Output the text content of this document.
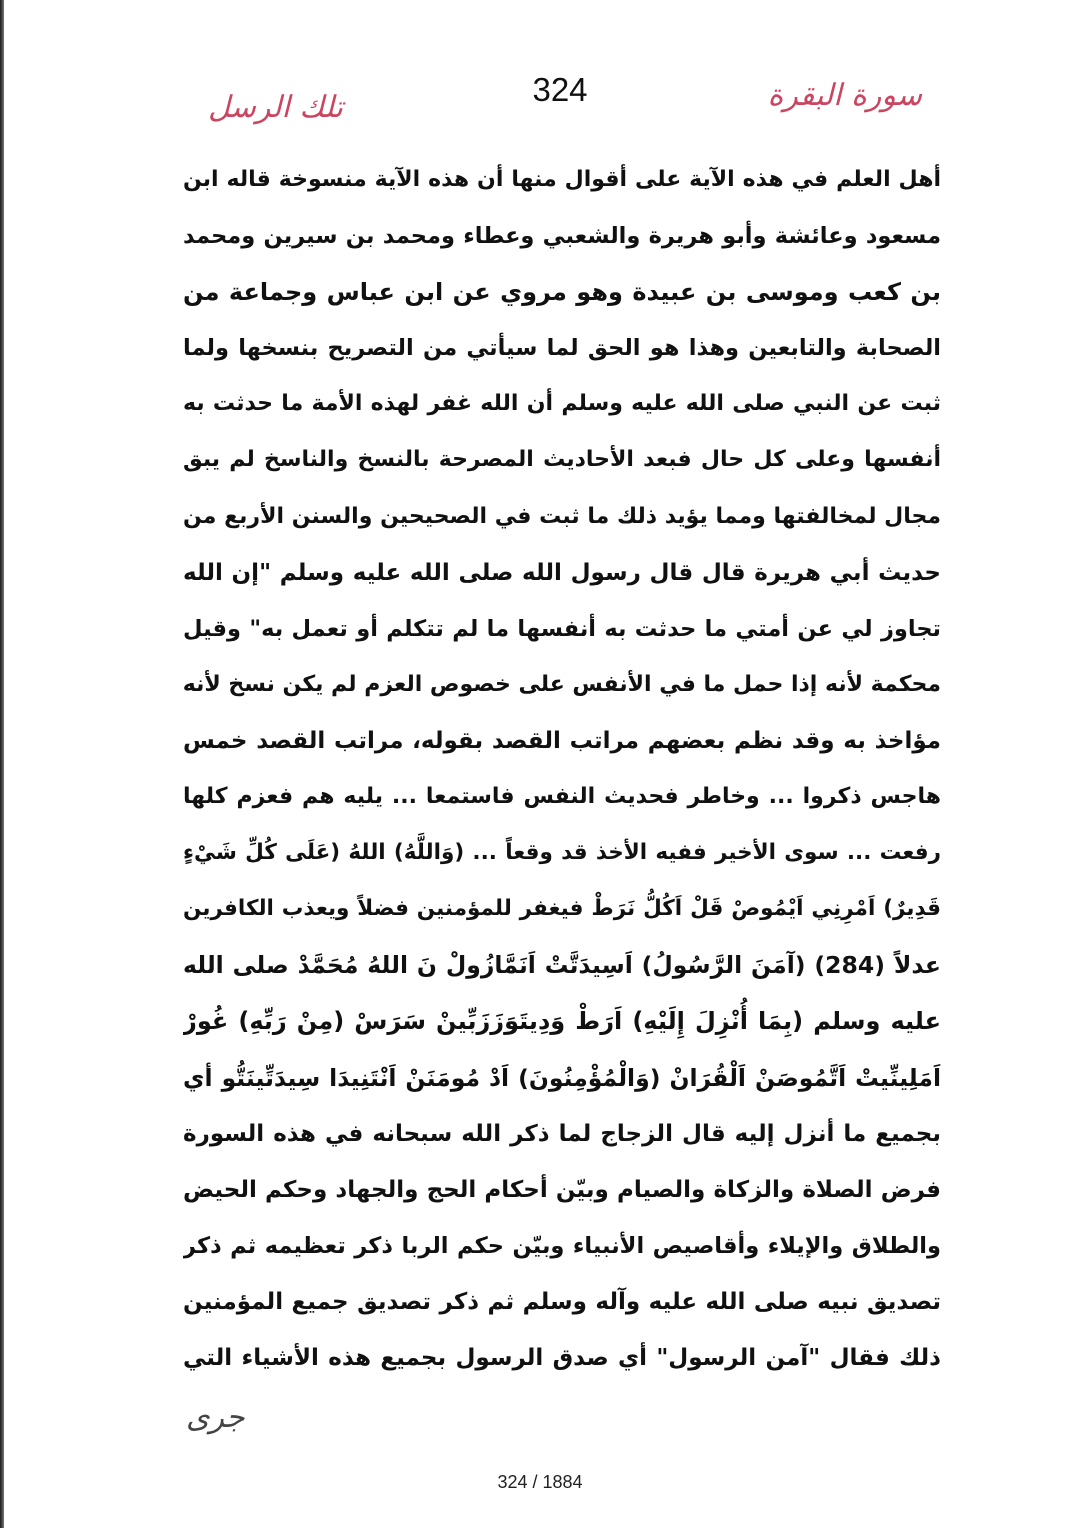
سورة البقرة
324
تلك الرسل
أهل العلم في هذه الآية على أقوال منها أن هذه الآية منسوخة قاله ابن
مسعود وعائشة وأبو هريرة والشعبي وعطاء ومحمد بن سيرين ومحمد
بن كعب وموسى بن عبيدة وهو مروي عن ابن عباس وجماعة من
الصحابة والتابعين وهذا هو الحق لما سيأتي من التصريح بنسخها ولما
ثبت عن النبي صلى الله عليه وسلم أن الله غفر لهذه الأمة ما حدثت به
أنفسها وعلى كل حال فبعد الأحاديث المصرحة بالنسخ والناسخ لم يبق
مجال لمخالفتها ومما يؤيد ذلك ما ثبت في الصحيحين والسنن الأربع من
حديث أبي هريرة قال قال رسول الله صلى الله عليه وسلم "إن الله
تجاوز لي عن أمتي ما حدثت به أنفسها ما لم تتكلم أو تعمل به" وقيل
محكمة لأنه إذا حمل ما في الأنفس على خصوص العزم لم يكن نسخ لأنه
مؤاخذ به وقد نظم بعضهم مراتب القصد بقوله، مراتب القصد خمس
هاجس ذكروا ... وخاطر فحديث النفس فاستمعا ... يليه هم فعزم كلها
رفعت ... سوى الأخير ففيه الأخذ قد وقعاً ... (وَاللَّهُ) اللهُ (عَلَى كُلِّ شَيْءٍ
قَدِيرٌ) اَمْرِنِي اَيْمُوصْ قَلْ اَكُلُّ نَرَطْ فيغفر للمؤمنين فضلاً ويعذب الكافرين
عدلاً (284) (آمَنَ الرَّسُولُ) اَسِيدَتَّتْ اَنَمَّازُولْ نَ اللهُ مُحَمَّدْ صلى الله
عليه وسلم (بِمَا أُنْزِلَ إِلَيْهِ) اَرَطْ وَدِيتَوَزَزَبِّينْ سَرَسْ (مِنْ رَبِّهِ) غُورْ
اَمَلِينِّيتْ اَتَّمُوصَنْ اَلْقُرَانْ (وَالْمُؤْمِنُونَ) اَدْ مُومَنَنْ اَنْتَنِيدَا سِيدَتِّينَتُّو أي
بجميع ما أنزل إليه قال الزجاج لما ذكر الله سبحانه في هذه السورة
فرض الصلاة والزكاة والصيام وبيّن أحكام الحج والجهاد وحكم الحيض
والطلاق والإيلاء وأقاصيص الأنبياء وبيّن حكم الربا ذكر تعظيمه ثم ذكر
تصديق نبيه صلى الله عليه وآله وسلم ثم ذكر تصديق جميع المؤمنين
ذلك فقال "آمن الرسول" أي صدق الرسول بجميع هذه الأشياء التي
جرى
324 / 1884
